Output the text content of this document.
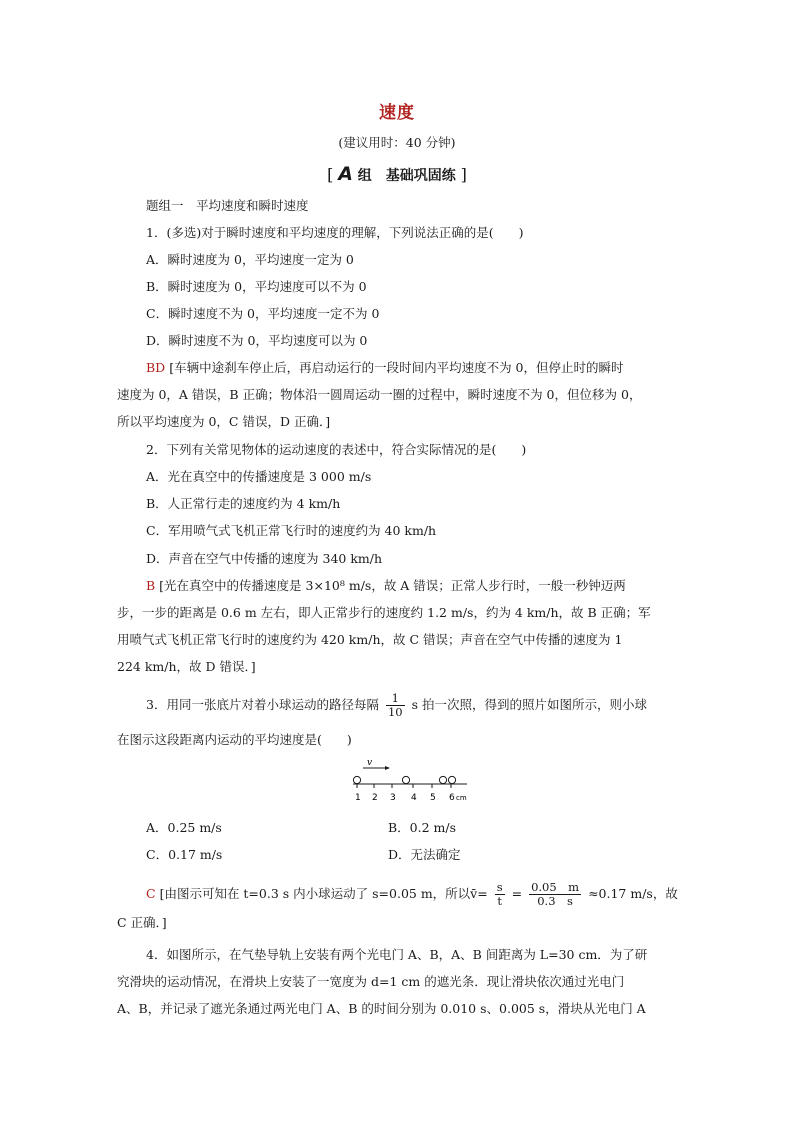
速度
(建议用时：40 分钟)
[ A 组　基础巩固练 ]
题组一　平均速度和瞬时速度
1．(多选)对于瞬时速度和平均速度的理解，下列说法正确的是(　　)
A．瞬时速度为 0，平均速度一定为 0
B．瞬时速度为 0，平均速度可以不为 0
C．瞬时速度不为 0，平均速度一定不为 0
D．瞬时速度不为 0，平均速度可以为 0
BD [车辆中途刹车停止后，再启动运行的一段时间内平均速度不为 0，但停止时的瞬时
速度为 0，A 错误，B 正确；物体沿一圆周运动一圈的过程中，瞬时速度不为 0，但位移为 0，
所以平均速度为 0，C 错误，D 正确．]
2．下列有关常见物体的运动速度的表述中，符合实际情况的是(　　)
A．光在真空中的传播速度是 3 000 m/s
B．人正常行走的速度约为 4 km/h
C．军用喷气式飞机正常飞行时的速度约为 40 km/h
D．声音在空气中传播的速度为 340 km/h
B [光在真空中的传播速度是 3×10⁸ m/s，故 A 错误；正常人步行时，一般一秒钟迈两
步，一步的距离是 0.6 m 左右，即人正常步行的速度约 1.2 m/s，约为 4 km/h，故 B 正确；军
用喷气式飞机正常飞行时的速度约为 420 km/h，故 C 错误；声音在空气中传播的速度为 1
224 km/h，故 D 错误．]
3．用同一张底片对着小球运动的路径每隔 $\frac{1}{10}$ s 拍一次照，得到的照片如图所示，则小球
在图示这段距离内运动的平均速度是(　　)
v
1 2 3 4 5 6 cm
A．0.25 m/s	B．0.2 m/s
C．0.17 m/s	D．无法确定
C [由图示可知在 t=0.3 s 内小球运动了 s=0.05 m，所以v̄= $\frac{s}{t} = \frac{0.05 m}{0.3 s} \approx 0.17$ m/s，故
C 正确．]
4．如图所示，在气垫导轨上安装有两个光电门 A、B，A、B 间距离为 L=30 cm．为了研
究滑块的运动情况，在滑块上安装了一宽度为 d=1 cm 的遮光条．现让滑块依次通过光电门
A、B，并记录了遮光条通过两光电门 A、B 的时间分别为 0.010 s、0.005 s，滑块从光电门 A
